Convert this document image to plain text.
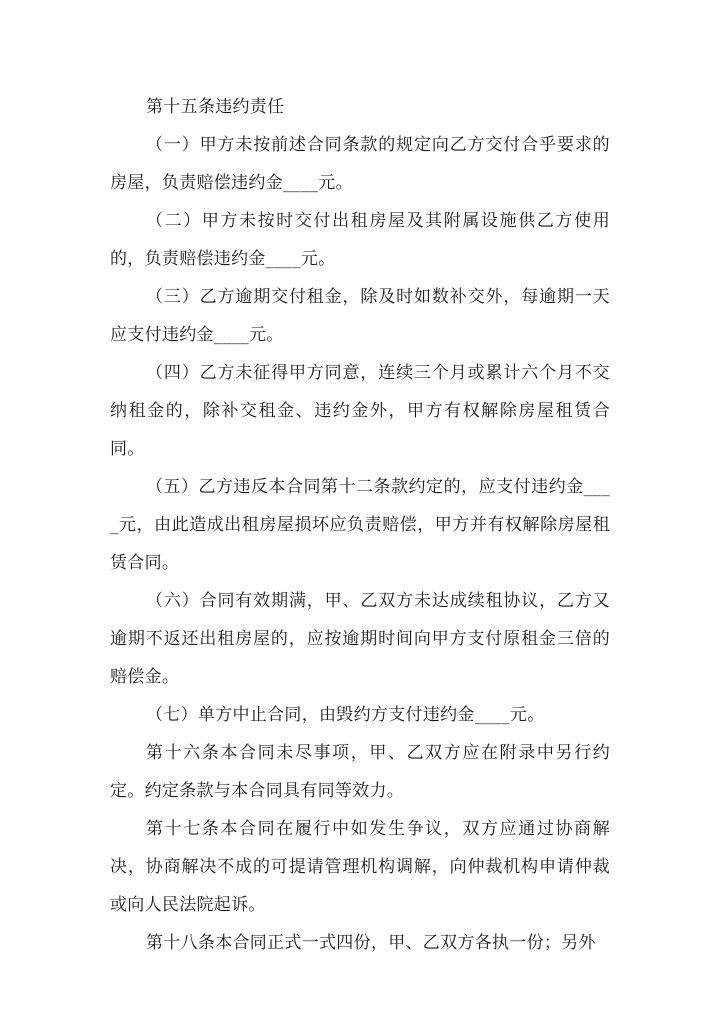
第十五条违约责任

（一）甲方未按前述合同条款的规定向乙方交付合乎要求的房屋，负责赔偿违约金____元。

（二）甲方未按时交付出租房屋及其附属设施供乙方使用的，负责赔偿违约金____元。

（三）乙方逾期交付租金，除及时如数补交外，每逾期一天应支付违约金____元。

（四）乙方未征得甲方同意，连续三个月或累计六个月不交纳租金的，除补交租金、违约金外，甲方有权解除房屋租赁合同。

（五）乙方违反本合同第十二条款约定的，应支付违约金____元，由此造成出租房屋损坏应负责赔偿，甲方并有权解除房屋租赁合同。

（六）合同有效期满，甲、乙双方未达成续租协议，乙方又逾期不返还出租房屋的，应按逾期时间向甲方支付原租金三倍的赔偿金。

（七）单方中止合同，由毁约方支付违约金____元。

第十六条本合同未尽事项，甲、乙双方应在附录中另行约定。约定条款与本合同具有同等效力。

第十七条本合同在履行中如发生争议，双方应通过协商解决，协商解决不成的可提请管理机构调解，向仲裁机构申请仲裁或向人民法院起诉。

第十八条本合同正式一式四份，甲、乙双方各执一份；另外
